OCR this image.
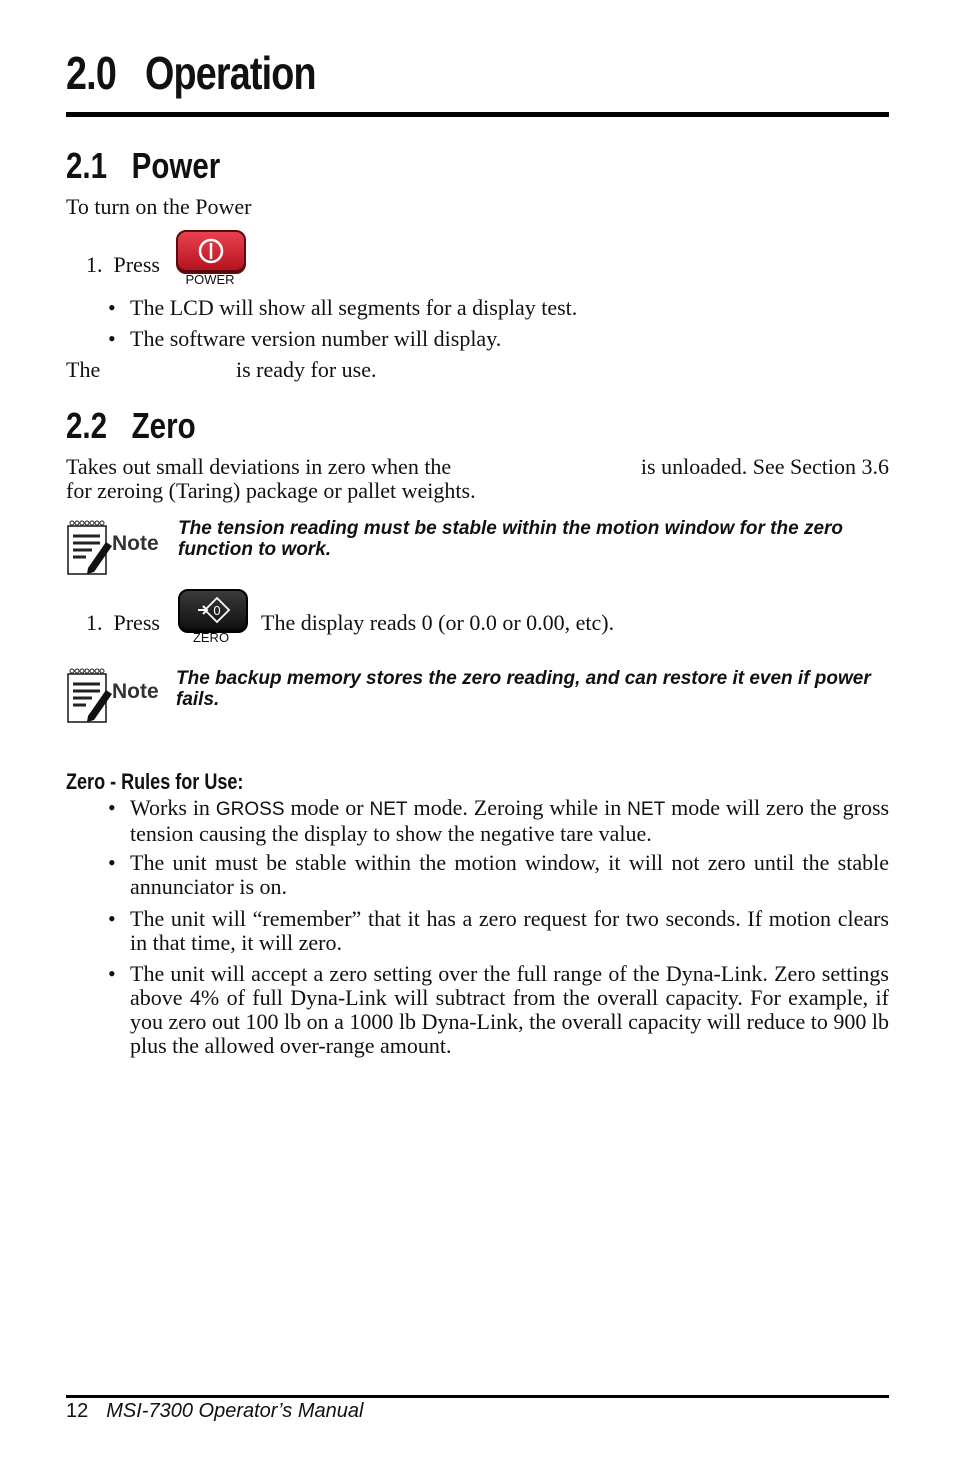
2.0 Operation
2.1 Power
To turn on the Power
1. Press
POWER
• The LCD will show all segments for a display test.
• The software version number will display.
The	is ready for use.
2.2 Zero
Takes out small deviations in zero when the	is unloaded. See Section 3.6
for zeroing (Taring) package or pallet weights.
Note
The tension reading must be stable within the motion window for the zero function to work.
1. Press	0
ZERO
The display reads 0 (or 0.0 or 0.00, etc).
Note
The backup memory stores the zero reading, and can restore it even if power fails.
Zero - Rules for Use:
• Works in GROSS mode or NET mode. Zeroing while in NET mode will zero the gross tension causing the display to show the negative tare value.
• The unit must be stable within the motion window, it will not zero until the stable annunciator is on.
• The unit will “remember” that it has a zero request for two seconds. If motion clears in that time, it will zero.
• The unit will accept a zero setting over the full range of the Dyna-Link. Zero settings above 4% of full Dyna-Link will subtract from the overall capacity. For example, if you zero out 100 lb on a 1000 lb Dyna-Link, the overall capacity will reduce to 900 lb plus the allowed over-range amount.
12 MSI-7300 Operator’s Manual
